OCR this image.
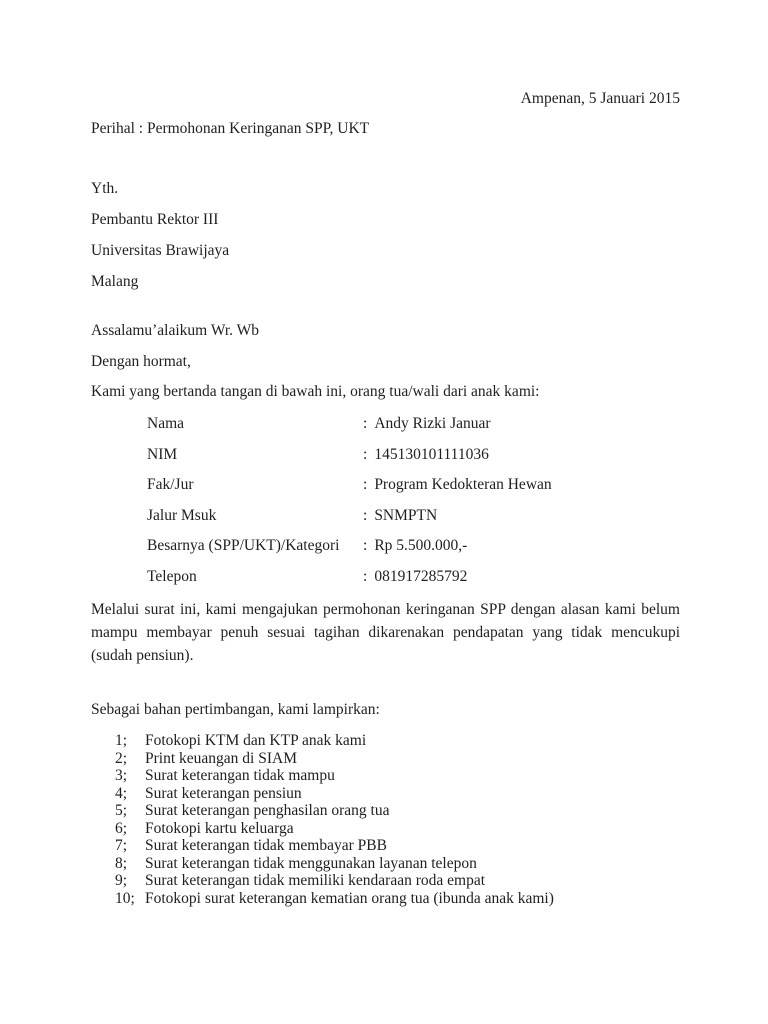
Ampenan, 5 Januari 2015
Perihal : Permohonan Keringanan SPP, UKT
Yth.
Pembantu Rektor III
Universitas Brawijaya
Malang
Assalamu’alaikum Wr. Wb
Dengan hormat,
Kami yang bertanda tangan di bawah ini, orang tua/wali dari anak kami:
Nama	: Andy Rizki Januar
NIM	: 145130101111036
Fak/Jur	: Program Kedokteran Hewan
Jalur Msuk	: SNMPTN
Besarnya (SPP/UKT)/Kategori	: Rp 5.500.000,-
Telepon	: 081917285792
Melalui surat ini, kami mengajukan permohonan keringanan SPP dengan alasan kami belum mampu membayar penuh sesuai tagihan dikarenakan pendapatan yang tidak mencukupi (sudah pensiun).
Sebagai bahan pertimbangan, kami lampirkan:
1;	Fotokopi KTM dan KTP anak kami
2;	Print keuangan di SIAM
3;	Surat keterangan tidak mampu
4;	Surat keterangan pensiun
5;	Surat keterangan penghasilan orang tua
6;	Fotokopi kartu keluarga
7;	Surat keterangan tidak membayar PBB
8;	Surat keterangan tidak menggunakan layanan telepon
9;	Surat keterangan tidak memiliki kendaraan roda empat
10; Fotokopi surat keterangan kematian orang tua (ibunda anak kami)
